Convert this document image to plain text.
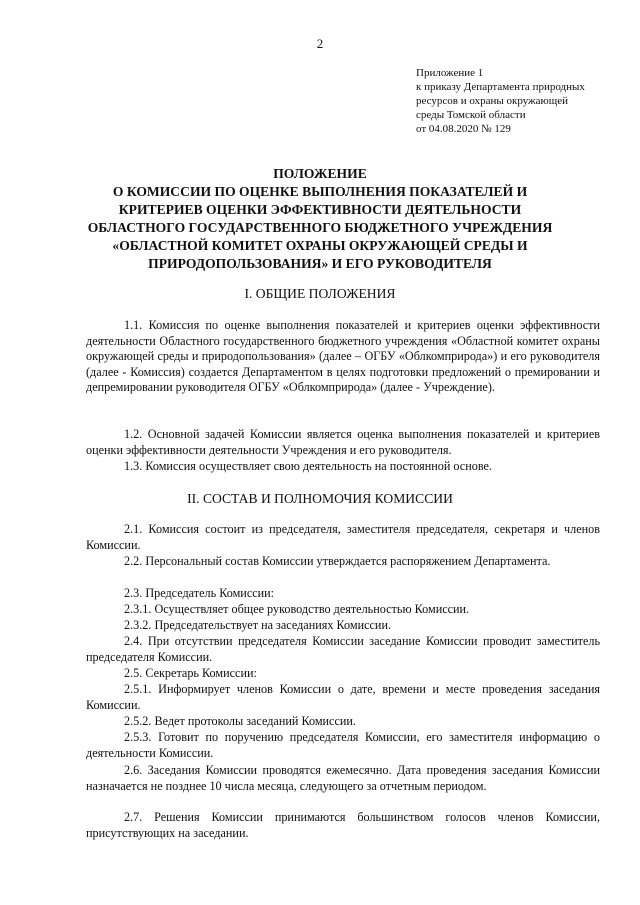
2
Приложение 1
к приказу Департамента природных
ресурсов и охраны окружающей
среды Томской области
от 04.08.2020 № 129
ПОЛОЖЕНИЕ
О КОМИССИИ ПО ОЦЕНКЕ ВЫПОЛНЕНИЯ ПОКАЗАТЕЛЕЙ И
КРИТЕРИЕВ ОЦЕНКИ ЭФФЕКТИВНОСТИ ДЕЯТЕЛЬНОСТИ
ОБЛАСТНОГО ГОСУДАРСТВЕННОГО БЮДЖЕТНОГО УЧРЕЖДЕНИЯ
«ОБЛАСТНОЙ КОМИТЕТ ОХРАНЫ ОКРУЖАЮЩЕЙ СРЕДЫ И
ПРИРОДОПОЛЬЗОВАНИЯ» И ЕГО РУКОВОДИТЕЛЯ
I. ОБЩИЕ ПОЛОЖЕНИЯ
1.1. Комиссия по оценке выполнения показателей и критериев оценки эффективности деятельности Областного государственного бюджетного учреждения «Областной комитет охраны окружающей среды и природопользования» (далее – ОГБУ «Облкомприрода») и его руководителя (далее - Комиссия) создается Департаментом в целях подготовки предложений о премировании и депремировании руководителя ОГБУ «Облкомприрода» (далее - Учреждение).
1.2. Основной задачей Комиссии является оценка выполнения показателей и критериев оценки эффективности деятельности Учреждения и его руководителя.
1.3. Комиссия осуществляет свою деятельность на постоянной основе.
II. СОСТАВ И ПОЛНОМОЧИЯ КОМИССИИ
2.1. Комиссия состоит из председателя, заместителя председателя, секретаря и членов Комиссии.
2.2. Персональный состав Комиссии утверждается распоряжением Департамента.
2.3. Председатель Комиссии:
2.3.1. Осуществляет общее руководство деятельностью Комиссии.
2.3.2. Председательствует на заседаниях Комиссии.
2.4. При отсутствии председателя Комиссии заседание Комиссии проводит заместитель председателя Комиссии.
2.5. Секретарь Комиссии:
2.5.1. Информирует членов Комиссии о дате, времени и месте проведения заседания Комиссии.
2.5.2. Ведет протоколы заседаний Комиссии.
2.5.3. Готовит по поручению председателя Комиссии, его заместителя информацию о деятельности Комиссии.
2.6. Заседания Комиссии проводятся ежемесячно. Дата проведения заседания Комиссии назначается не позднее 10 числа месяца, следующего за отчетным периодом.
2.7. Решения Комиссии принимаются большинством голосов членов Комиссии, присутствующих на заседании.
